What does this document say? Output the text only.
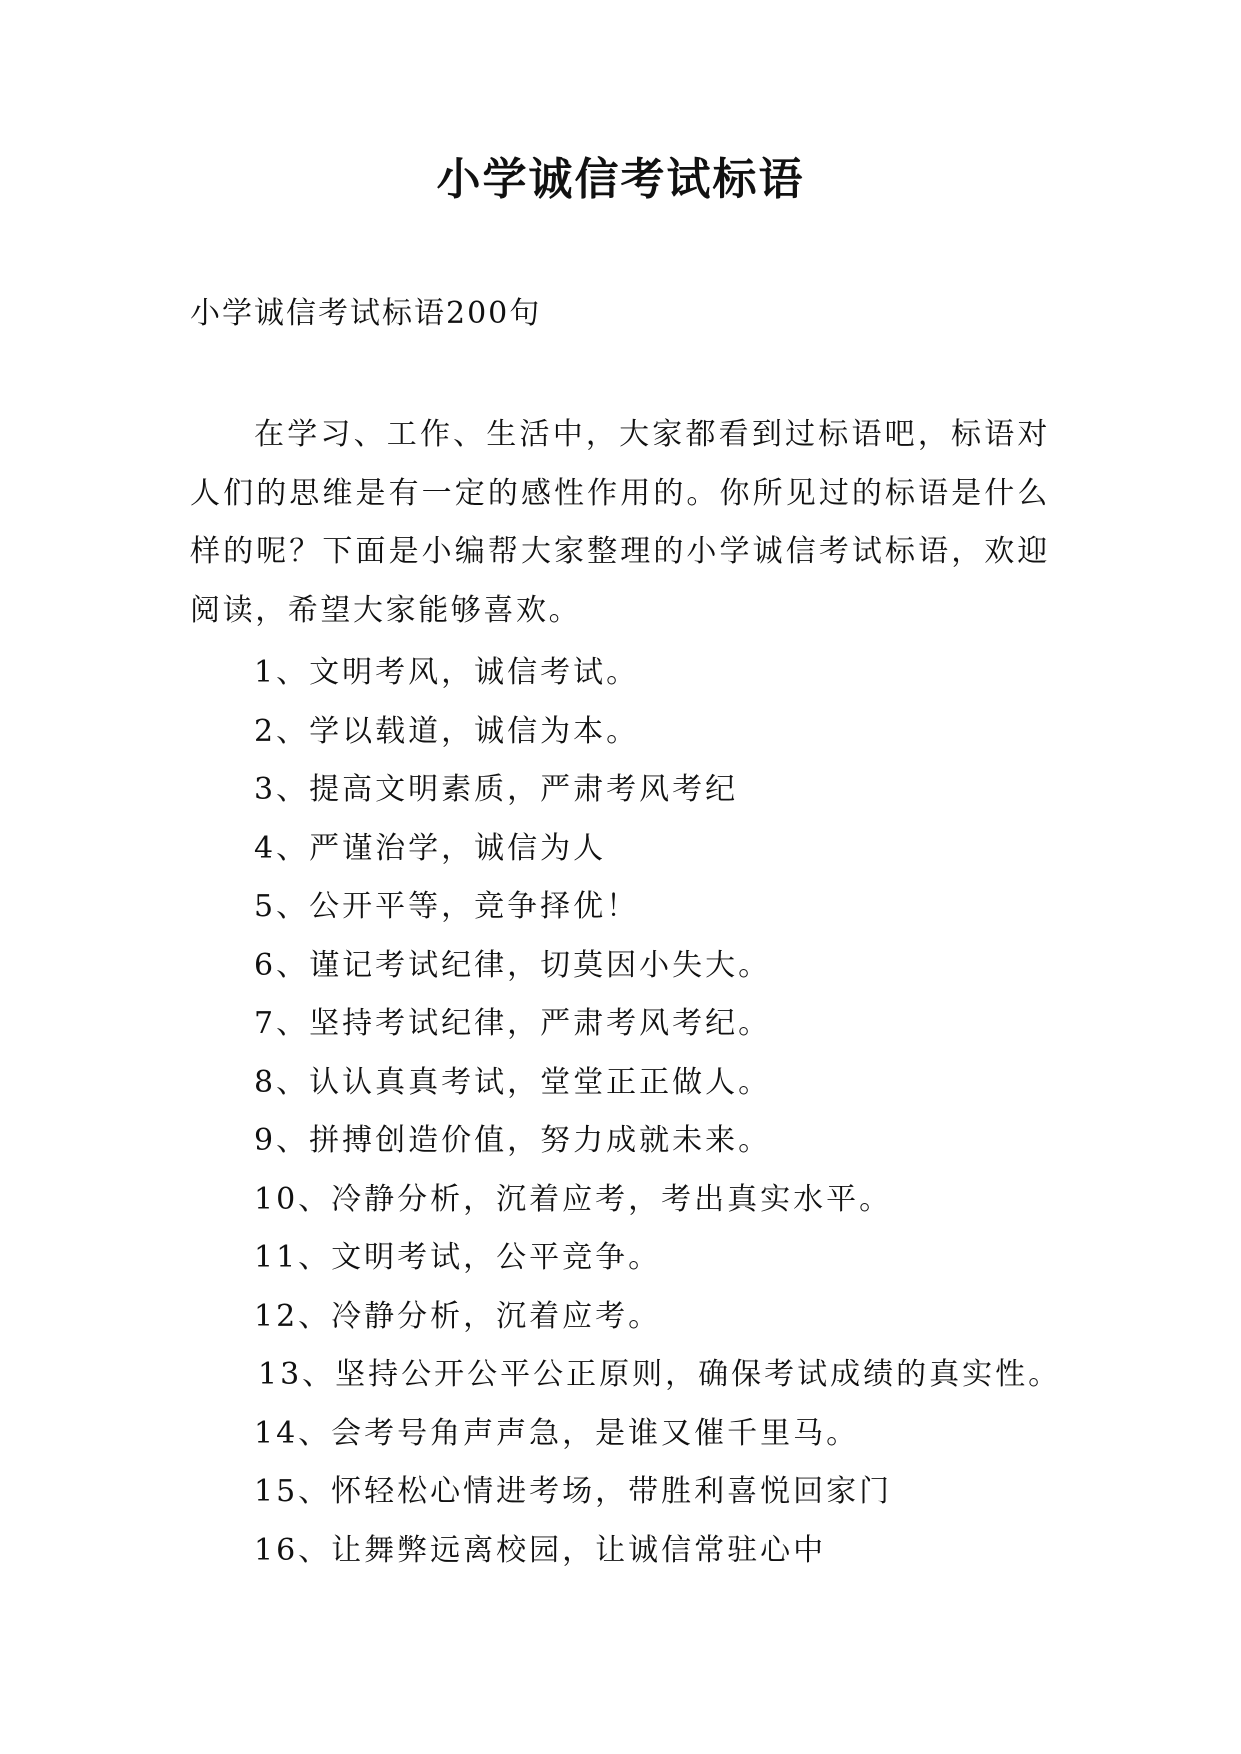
小学诚信考试标语
小学诚信考试标语200句

在学习、工作、生活中，大家都看到过标语吧，标语对人们的思维是有一定的感性作用的。你所见过的标语是什么样的呢？下面是小编帮大家整理的小学诚信考试标语，欢迎阅读，希望大家能够喜欢。

1、文明考风，诚信考试。
2、学以载道，诚信为本。
3、提高文明素质，严肃考风考纪
4、严谨治学，诚信为人
5、公开平等，竞争择优！
6、谨记考试纪律，切莫因小失大。
7、坚持考试纪律，严肃考风考纪。
8、认认真真考试，堂堂正正做人。
9、拼搏创造价值，努力成就未来。
10、冷静分析，沉着应考，考出真实水平。
11、文明考试，公平竞争。
12、冷静分析，沉着应考。
13、坚持公开公平公正原则，确保考试成绩的真实性。
14、会考号角声声急，是谁又催千里马。
15、怀轻松心情进考场，带胜利喜悦回家门
16、让舞弊远离校园，让诚信常驻心中
